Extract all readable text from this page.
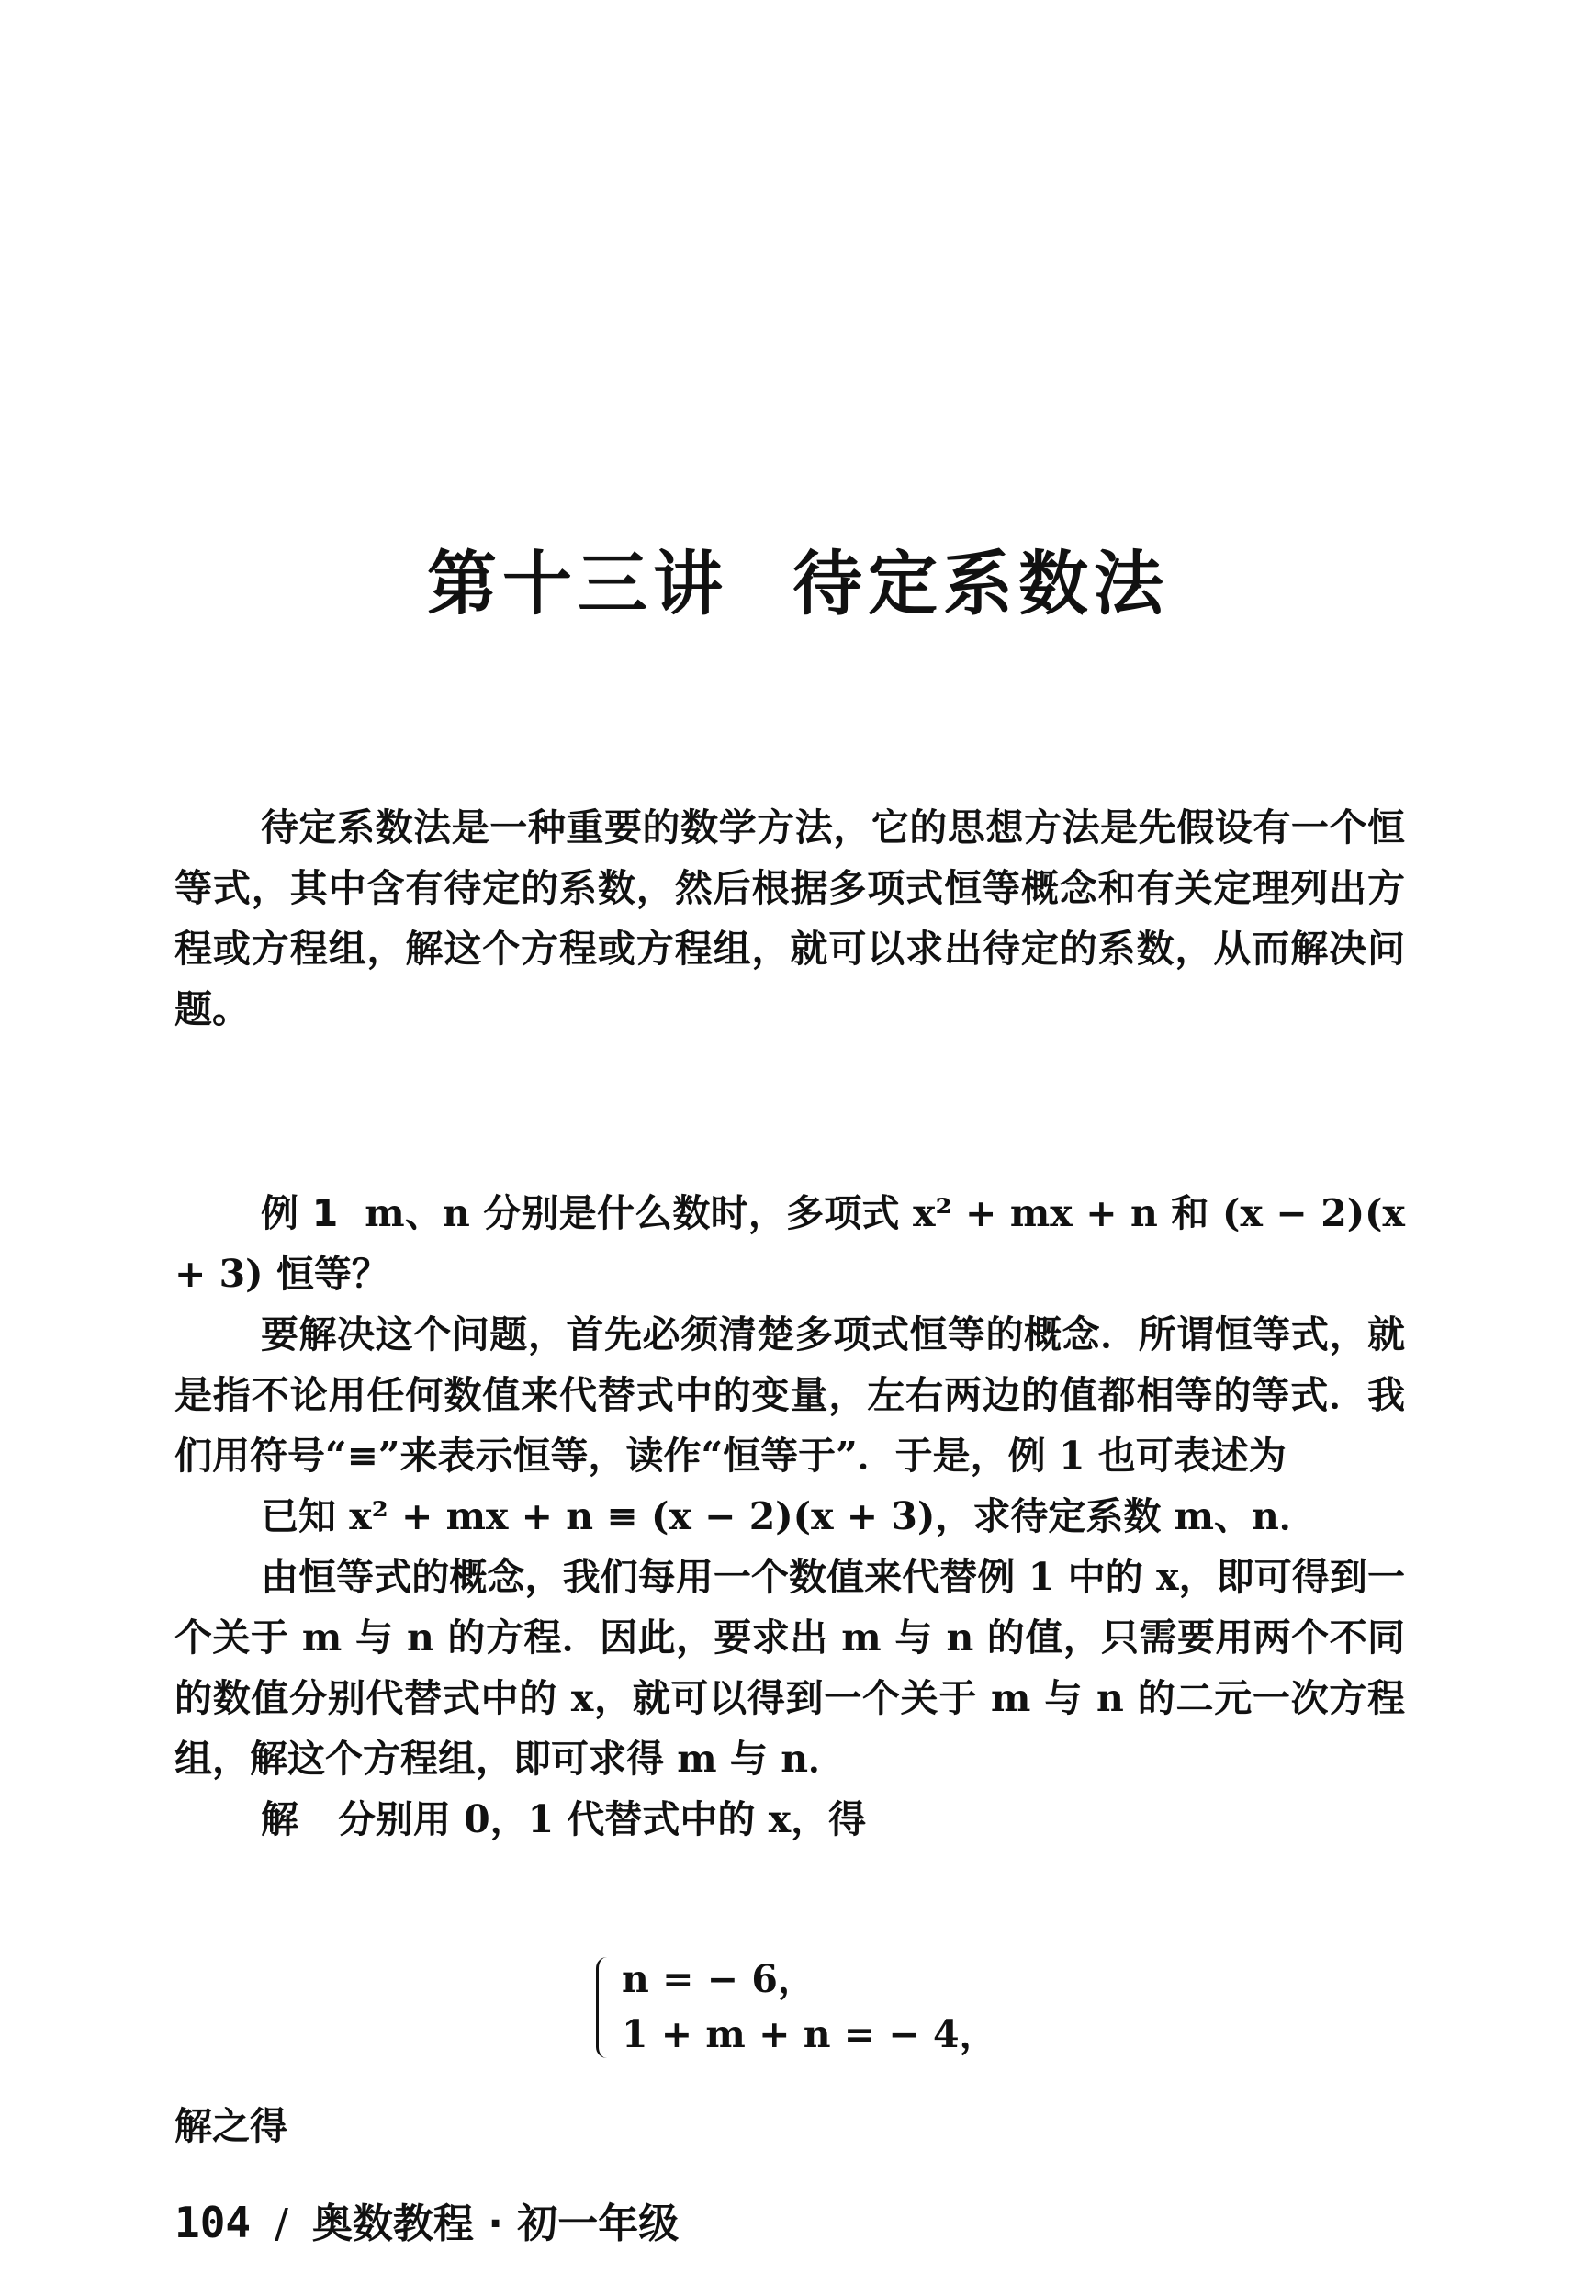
第十三讲 待定系数法

待定系数法是一种重要的数学方法，它的思想方法是先假设有一个恒等式，其中含有待定的系数，然后根据多项式恒等概念和有关定理列出方程或方程组，解这个方程或方程组，就可以求出待定的系数，从而解决问题。

例 1 m、n 分别是什么数时，多项式 x² + mx + n 和 (x − 2)(x + 3) 恒等？

要解决这个问题，首先必须清楚多项式恒等的概念．所谓恒等式，就是指不论用任何数值来代替式中的变量，左右两边的值都相等的等式．我们用符号“≡”来表示恒等，读作“恒等于”．于是，例 1 也可表述为

已知 x² + mx + n ≡ (x − 2)(x + 3)，求待定系数 m、n．

由恒等式的概念，我们每用一个数值来代替例 1 中的 x，即可得到一个关于 m 与 n 的方程．因此，要求出 m 与 n 的值，只需要用两个不同的数值分别代替式中的 x，就可以得到一个关于 m 与 n 的二元一次方程组，解这个方程组，即可求得 m 与 n．

解 分别用 0，1 代替式中的 x，得

n = − 6，
1 + m + n = − 4，
解之得
104 / 奥数教程 · 初一年级
